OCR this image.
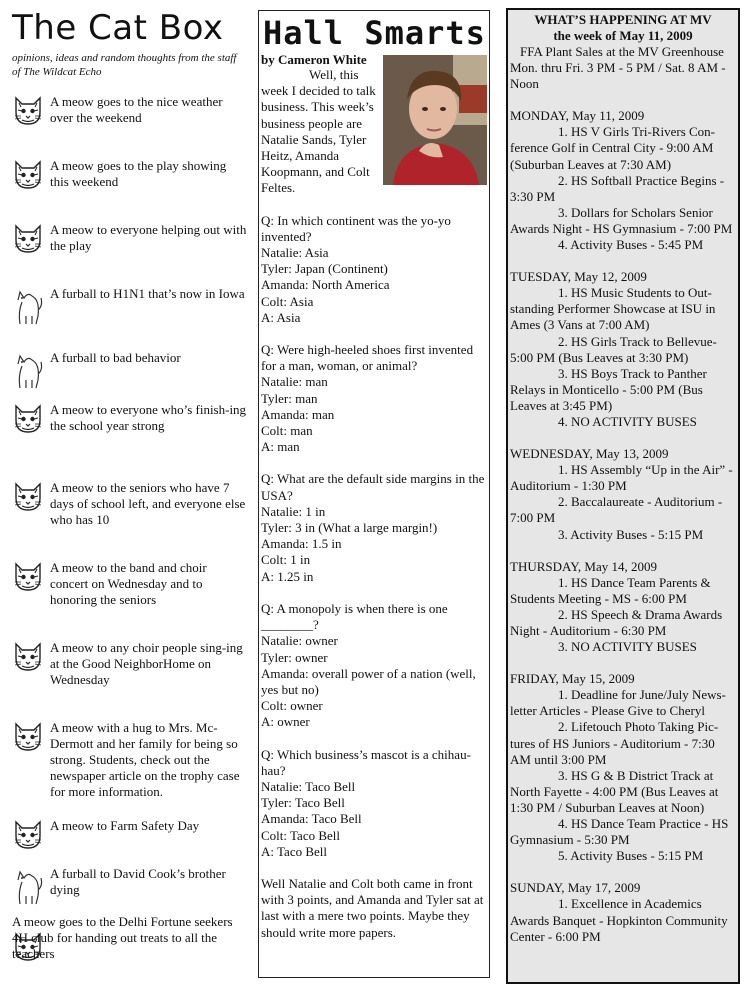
The Cat Box
opinions, ideas and random thoughts from the staff of The Wildcat Echo
A meow goes to the nice weather over the weekend
A meow goes to the play showing this weekend
A meow to everyone helping out with the play
A furball to H1N1 that’s now in Iowa
A furball to bad behavior
A meow to everyone who’s finish-ing the school year strong
A meow to the seniors who have 7 days of school left, and everyone else who has 10
A meow to the band and choir concert on Wednesday and to honoring the seniors
A meow to any choir people sing-ing at the Good NeighborHome on Wednesday
A meow with a hug to Mrs. Mc-Dermott and her family for being so strong. Students, check out the newspaper article on the trophy case for more information.
A meow to Farm Safety Day
A furball to David Cook’s brother dying
A meow goes to the Delhi Fortune seekers 4H club for handing out treats to all the teachers
Hall Smarts
by Cameron White

Well, this week I decided to talk business. This week’s business people are Natalie Sands, Tyler Heitz, Amanda Koopmann, and Colt Feltes.

Q: In which continent was the yo-yo invented?

Natalie: Asia

Tyler: Japan (Continent)

Amanda: North America

Colt: Asia

A: Asia

Q: Were high-heeled shoes first invented for a man, woman, or animal?

Natalie: man

Tyler: man

Amanda: man

Colt: man

A: man

Q: What are the default side margins in the USA?

Natalie: 1 in

Tyler: 3 in (What a large margin!)

Amanda: 1.5 in

Colt: 1 in

A: 1.25 in

Q: A monopoly is when there is one ________?

Natalie: owner

Tyler: owner

Amanda: overall power of a nation (well, yes but no)

Colt: owner

A: owner

Q: Which business’s mascot is a chihau-hau?

Natalie: Taco Bell

Tyler: Taco Bell

Amanda: Taco Bell

Colt: Taco Bell

A: Taco Bell

Well Natalie and Colt both came in front with 3 points, and Amanda and Tyler sat at last with a mere two points. Maybe they should write more papers.

WHAT’S HAPPENING AT MV
the week of May 11, 2009

FFA Plant Sales at the MV Greenhouse Mon. thru Fri. 3 PM - 5 PM / Sat. 8 AM - Noon

MONDAY, May 11, 2009

1. HS V Girls Tri-Rivers Con-ference Golf in Central City - 9:00 AM (Suburban Leaves at 7:30 AM)

2. HS Softball Practice Begins - 3:30 PM

3. Dollars for Scholars Senior Awards Night - HS Gymnasium - 7:00 PM

4. Activity Buses - 5:45 PM

TUESDAY, May 12, 2009

1. HS Music Students to Out-standing Performer Showcase at ISU in Ames (3 Vans at 7:00 AM)

2. HS Girls Track to Bellevue-5:00 PM (Bus Leaves at 3:30 PM)

3. HS Boys Track to Panther Relays in Monticello - 5:00 PM (Bus Leaves at 3:45 PM)

4. NO ACTIVITY BUSES

WEDNESDAY, May 13, 2009

1. HS Assembly “Up in the Air” - Auditorium - 1:30 PM

2. Baccalaureate - Auditorium - 7:00 PM

3. Activity Buses - 5:15 PM

THURSDAY, May 14, 2009

1. HS Dance Team Parents & Students Meeting - MS - 6:00 PM

2. HS Speech & Drama Awards Night - Auditorium - 6:30 PM

3. NO ACTIVITY BUSES

FRIDAY, May 15, 2009

1. Deadline for June/July News-letter Articles - Please Give to Cheryl

2. Lifetouch Photo Taking Pic-tures of HS Juniors - Auditorium - 7:30 AM until 3:00 PM

3. HS G & B District Track at North Fayette - 4:00 PM (Bus Leaves at 1:30 PM / Suburban Leaves at Noon)

4. HS Dance Team Practice - HS Gymnasium - 5:30 PM

5. Activity Buses - 5:15 PM

SUNDAY, May 17, 2009

1. Excellence in Academics Awards Banquet - Hopkinton Community Center - 6:00 PM
